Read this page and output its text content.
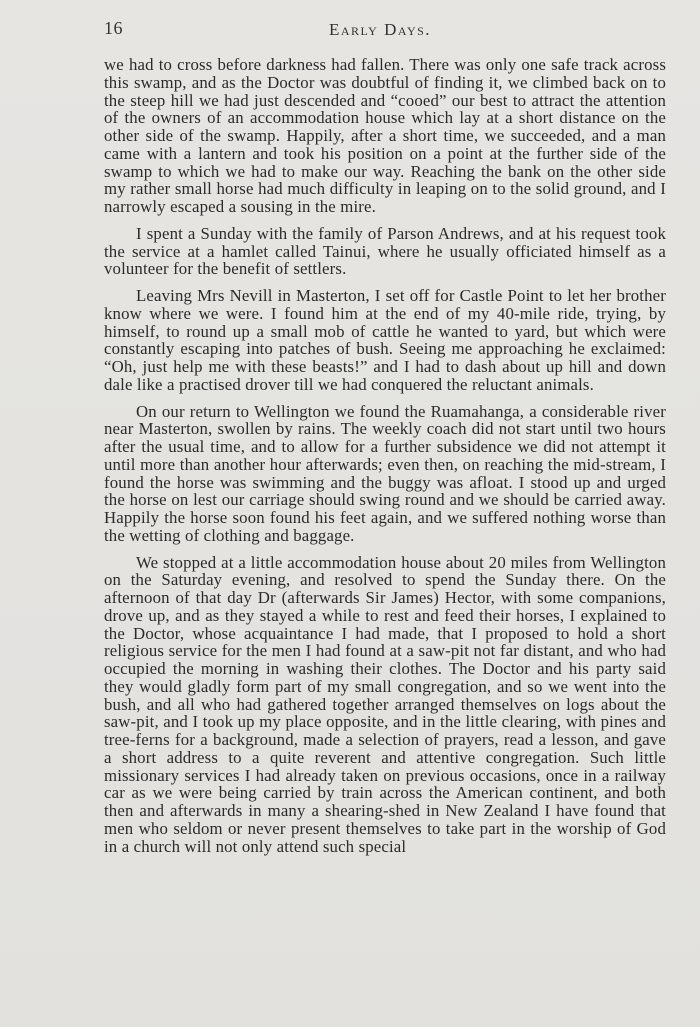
16	Early Days.

we had to cross before darkness had fallen. There was only one safe track across this swamp, and as the Doctor was doubtful of finding it, we climbed back on to the steep hill we had just descended and “cooed” our best to attract the attention of the owners of an accommodation house which lay at a short distance on the other side of the swamp. Happily, after a short time, we succeeded, and a man came with a lantern and took his position on a point at the further side of the swamp to which we had to make our way. Reaching the bank on the other side my rather small horse had much difficulty in leaping on to the solid ground, and I narrowly escaped a sousing in the mire.

I spent a Sunday with the family of Parson Andrews, and at his request took the service at a hamlet called Tainui, where he usually officiated himself as a volunteer for the benefit of settlers.

Leaving Mrs Nevill in Masterton, I set off for Castle Point to let her brother know where we were. I found him at the end of my 40-mile ride, trying, by himself, to round up a small mob of cattle he wanted to yard, but which were constantly escaping into patches of bush. Seeing me approaching he exclaimed: “Oh, just help me with these beasts!” and I had to dash about up hill and down dale like a practised drover till we had conquered the reluctant animals.

On our return to Wellington we found the Ruamahanga, a considerable river near Masterton, swollen by rains. The weekly coach did not start until two hours after the usual time, and to allow for a further subsidence we did not attempt it until more than another hour afterwards; even then, on reaching the mid-stream, I found the horse was swimming and the buggy was afloat. I stood up and urged the horse on lest our carriage should swing round and we should be carried away. Happily the horse soon found his feet again, and we suffered nothing worse than the wetting of clothing and baggage.

We stopped at a little accommodation house about 20 miles from Wellington on the Saturday evening, and resolved to spend the Sunday there. On the afternoon of that day Dr (afterwards Sir James) Hector, with some companions, drove up, and as they stayed a while to rest and feed their horses, I explained to the Doctor, whose acquaintance I had made, that I proposed to hold a short religious service for the men I had found at a saw-pit not far distant, and who had occupied the morning in washing their clothes. The Doctor and his party said they would gladly form part of my small congregation, and so we went into the bush, and all who had gathered together arranged themselves on logs about the saw-pit, and I took up my place opposite, and in the little clearing, with pines and tree-ferns for a background, made a selection of prayers, read a lesson, and gave a short address to a quite reverent and attentive congregation. Such little missionary services I had already taken on previous occasions, once in a railway car as we were being carried by train across the American continent, and both then and afterwards in many a shearing-shed in New Zealand I have found that men who seldom or never present themselves to take part in the worship of God in a church will not only attend such special
